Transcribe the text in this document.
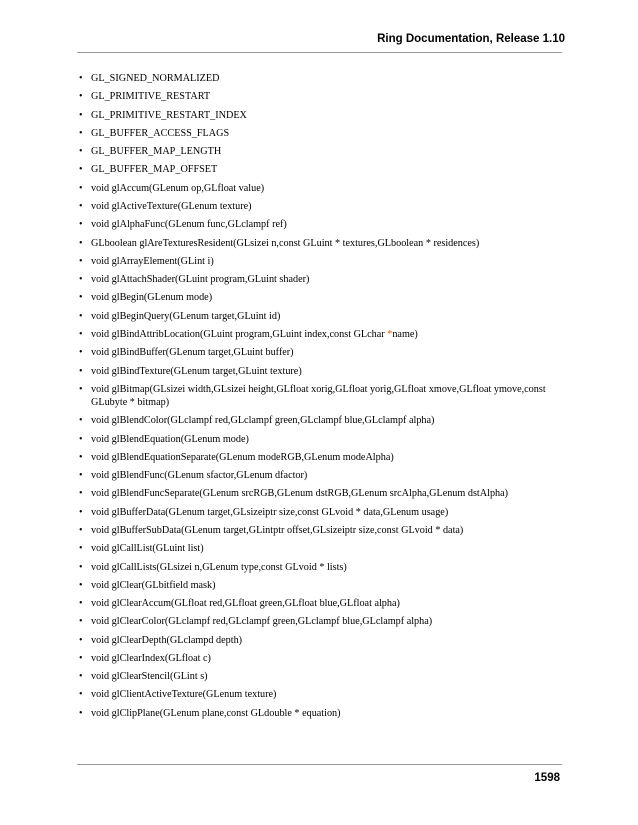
Ring Documentation, Release 1.10
• GL_SIGNED_NORMALIZED
• GL_PRIMITIVE_RESTART
• GL_PRIMITIVE_RESTART_INDEX
• GL_BUFFER_ACCESS_FLAGS
• GL_BUFFER_MAP_LENGTH
• GL_BUFFER_MAP_OFFSET
• void glAccum(GLenum op,GLfloat value)
• void glActiveTexture(GLenum texture)
• void glAlphaFunc(GLenum func,GLclampf ref)
• GLboolean glAreTexturesResident(GLsizei n,const GLuint * textures,GLboolean * residences)
• void glArrayElement(GLint i)
• void glAttachShader(GLuint program,GLuint shader)
• void glBegin(GLenum mode)
• void glBeginQuery(GLenum target,GLuint id)
• void glBindAttribLocation(GLuint program,GLuint index,const GLchar *name)
• void glBindBuffer(GLenum target,GLuint buffer)
• void glBindTexture(GLenum target,GLuint texture)
• void glBitmap(GLsizei width,GLsizei height,GLfloat xorig,GLfloat yorig,GLfloat xmove,GLfloat ymove,const GLubyte * bitmap)
• void glBlendColor(GLclampf red,GLclampf green,GLclampf blue,GLclampf alpha)
• void glBlendEquation(GLenum mode)
• void glBlendEquationSeparate(GLenum modeRGB,GLenum modeAlpha)
• void glBlendFunc(GLenum sfactor,GLenum dfactor)
• void glBlendFuncSeparate(GLenum srcRGB,GLenum dstRGB,GLenum srcAlpha,GLenum dstAlpha)
• void glBufferData(GLenum target,GLsizeiptr size,const GLvoid * data,GLenum usage)
• void glBufferSubData(GLenum target,GLintptr offset,GLsizeiptr size,const GLvoid * data)
• void glCallList(GLuint list)
• void glCallLists(GLsizei n,GLenum type,const GLvoid * lists)
• void glClear(GLbitfield mask)
• void glClearAccum(GLfloat red,GLfloat green,GLfloat blue,GLfloat alpha)
• void glClearColor(GLclampf red,GLclampf green,GLclampf blue,GLclampf alpha)
• void glClearDepth(GLclampd depth)
• void glClearIndex(GLfloat c)
• void glClearStencil(GLint s)
• void glClientActiveTexture(GLenum texture)
• void glClipPlane(GLenum plane,const GLdouble * equation)
1598
